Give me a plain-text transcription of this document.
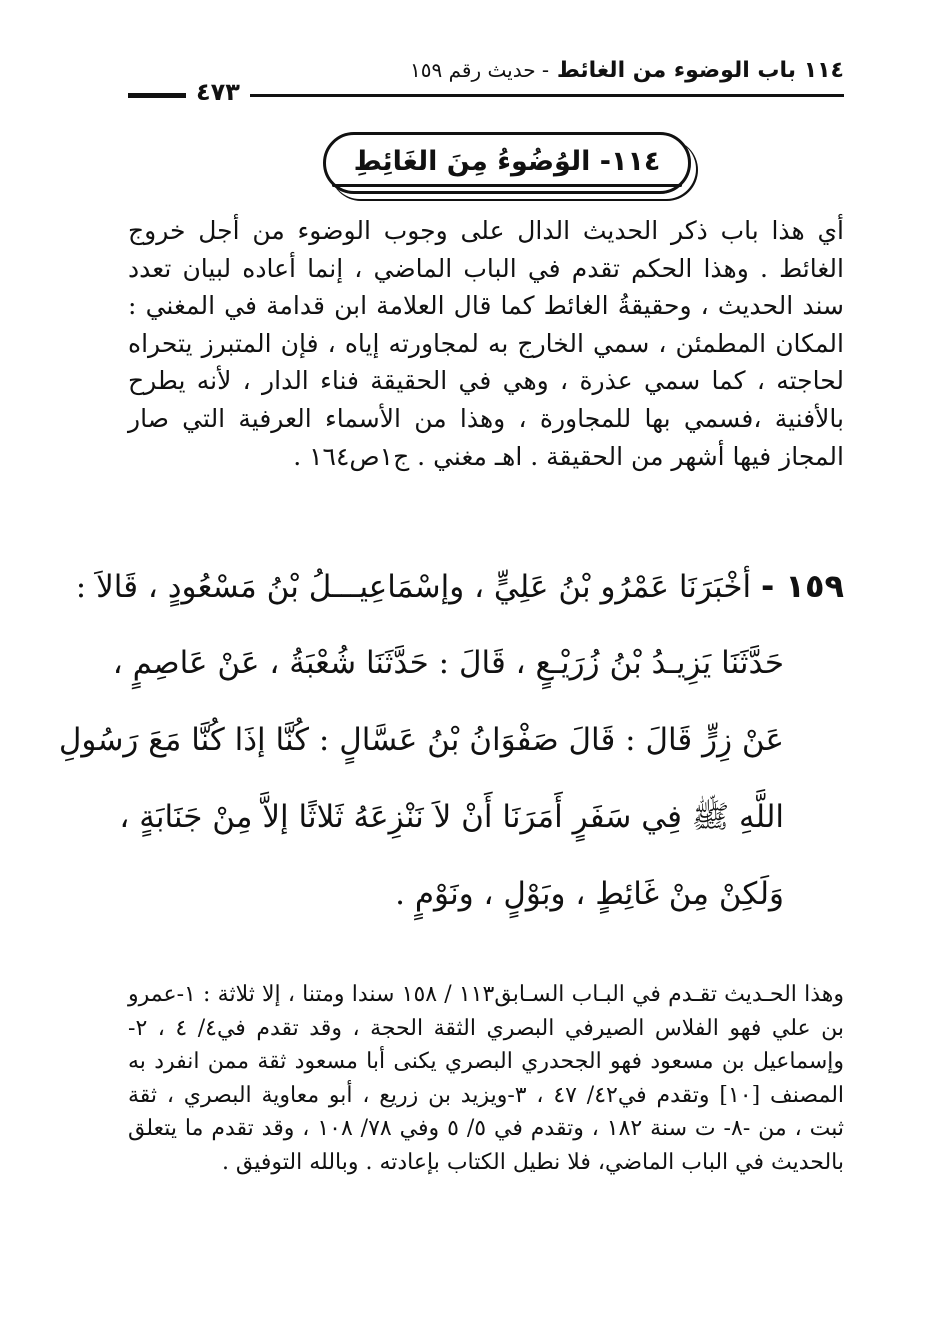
١١٤ باب الوضوء من الغائط - حديث رقم ١٥٩
٤٧٣
١١٤- الوُضُوءُ مِنَ الغَائِطِ

أي هذا باب ذكر الحديث الدال على وجوب الوضوء من أجل خروج الغائط . وهذا الحكم تقدم في الباب الماضي ، إنما أعاده لبيان تعدد سند الحديث ، وحقيقةُ الغائط كما قال العلامة ابن قدامة في المغني : المكان المطمئن ، سمي الخارج به لمجاورته إياه ، فإن المتبرز يتحراه لحاجته ، كما سمي عذرة ، وهي في الحقيقة فناء الدار ، لأنه يطرح بالأفنية ،فسمي بها للمجاورة ، وهذا من الأسماء العرفية التي صار المجاز فيها أشهر من الحقيقة . اهـ مغني . ج١ص١٦٤ .

١٥٩ - أخْبَرَنَا عَمْرُو بْنُ عَلِيٍّ ، وإسْمَاعِيـــلُ بْنُ مَسْعُودٍ ، قَالاَ :
حَدَّثَنَا يَزِيـدُ بْنُ زُرَيْـعٍ ، قَالَ : حَدَّثَنَا شُعْبَةُ ، عَنْ عَاصِمٍ ،
عَنْ زِرٍّ قَالَ : قَالَ صَفْوَانُ بْنُ عَسَّالٍ : كُنَّا إذَا كُنَّا مَعَ رَسُولِ
اللَّهِ ﷺ فِي سَفَرٍ أَمَرَنَا أَنْ لاَ نَنْزِعَهُ ثَلاثًا إلاَّ مِنْ جَنَابَةٍ ،
وَلَكِنْ مِنْ غَائِطٍ ، وبَوْلٍ ، ونَوْمٍ .

وهذا الحـديث تقـدم في البـاب السـابق١١٣ / ١٥٨ سندا ومتنا ، إلا ثلاثة : ١-عمرو بن علي فهو الفلاس الصيرفي البصري الثقة الحجة ، وقد تقدم في٤/ ٤ ، ٢-وإسماعيل بن مسعود فهو الجحدري البصري يكنى أبا مسعود ثقة ممن انفرد به المصنف [١٠] وتقدم في٤٢/ ٤٧ ، ٣-ويزيد بن زريع ، أبو معاوية البصري ، ثقة ثبت ، من -٨- ت سنة ١٨٢ ، وتقدم في ٥/ ٥ وفي ٧٨/ ١٠٨ ، وقد تقدم ما يتعلق بالحديث في الباب الماضي، فلا نطيل الكتاب بإعادته . وبالله التوفيق .
